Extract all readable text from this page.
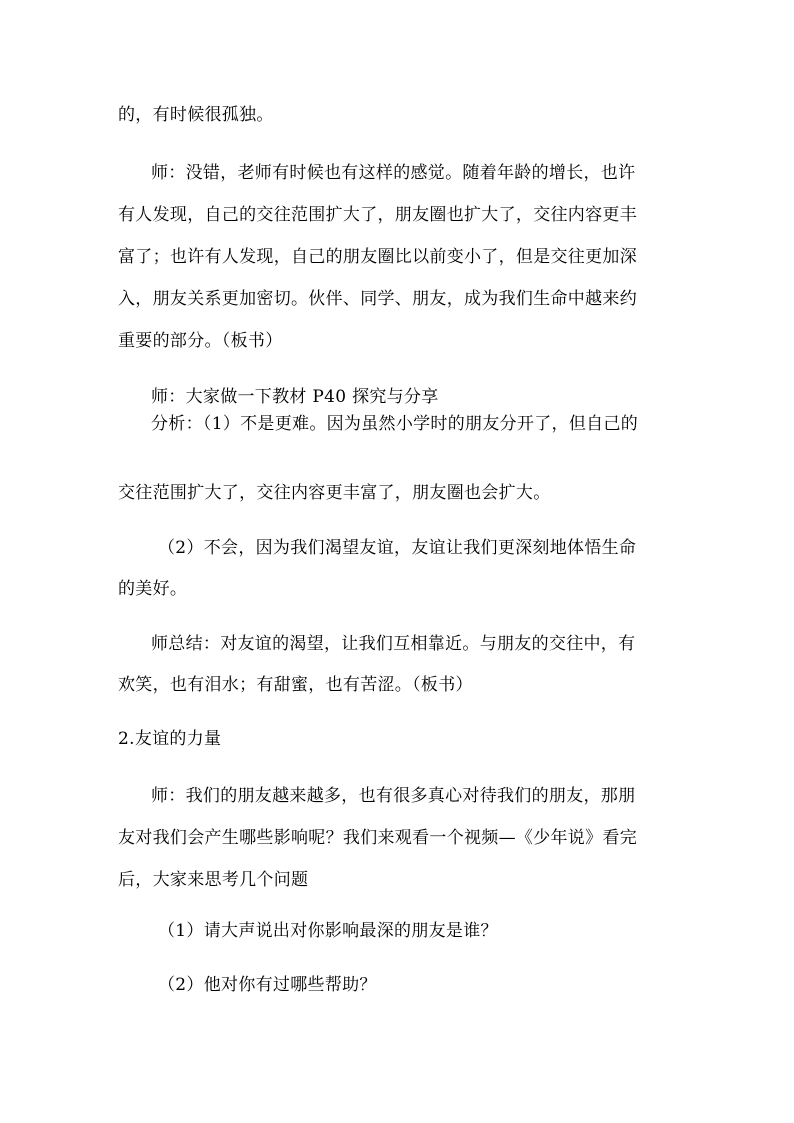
的，有时候很孤独。
师：没错，老师有时候也有这样的感觉。随着年龄的增长，也许
有人发现，自己的交往范围扩大了，朋友圈也扩大了，交往内容更丰
富了；也许有人发现，自己的朋友圈比以前变小了，但是交往更加深
入，朋友关系更加密切。伙伴、同学、朋友，成为我们生命中越来约
重要的部分。（板书）
师：大家做一下教材 P40 探究与分享
分析：（1）不是更难。因为虽然小学时的朋友分开了，但自己的
交往范围扩大了，交往内容更丰富了，朋友圈也会扩大。
（2）不会，因为我们渴望友谊，友谊让我们更深刻地体悟生命
的美好。
师总结：对友谊的渴望，让我们互相靠近。与朋友的交往中，有
欢笑，也有泪水；有甜蜜，也有苦涩。（板书）
2.友谊的力量
师：我们的朋友越来越多，也有很多真心对待我们的朋友，那朋
友对我们会产生哪些影响呢？我们来观看一个视频—《少年说》看完
后，大家来思考几个问题
（1）请大声说出对你影响最深的朋友是谁？
（2）他对你有过哪些帮助？
